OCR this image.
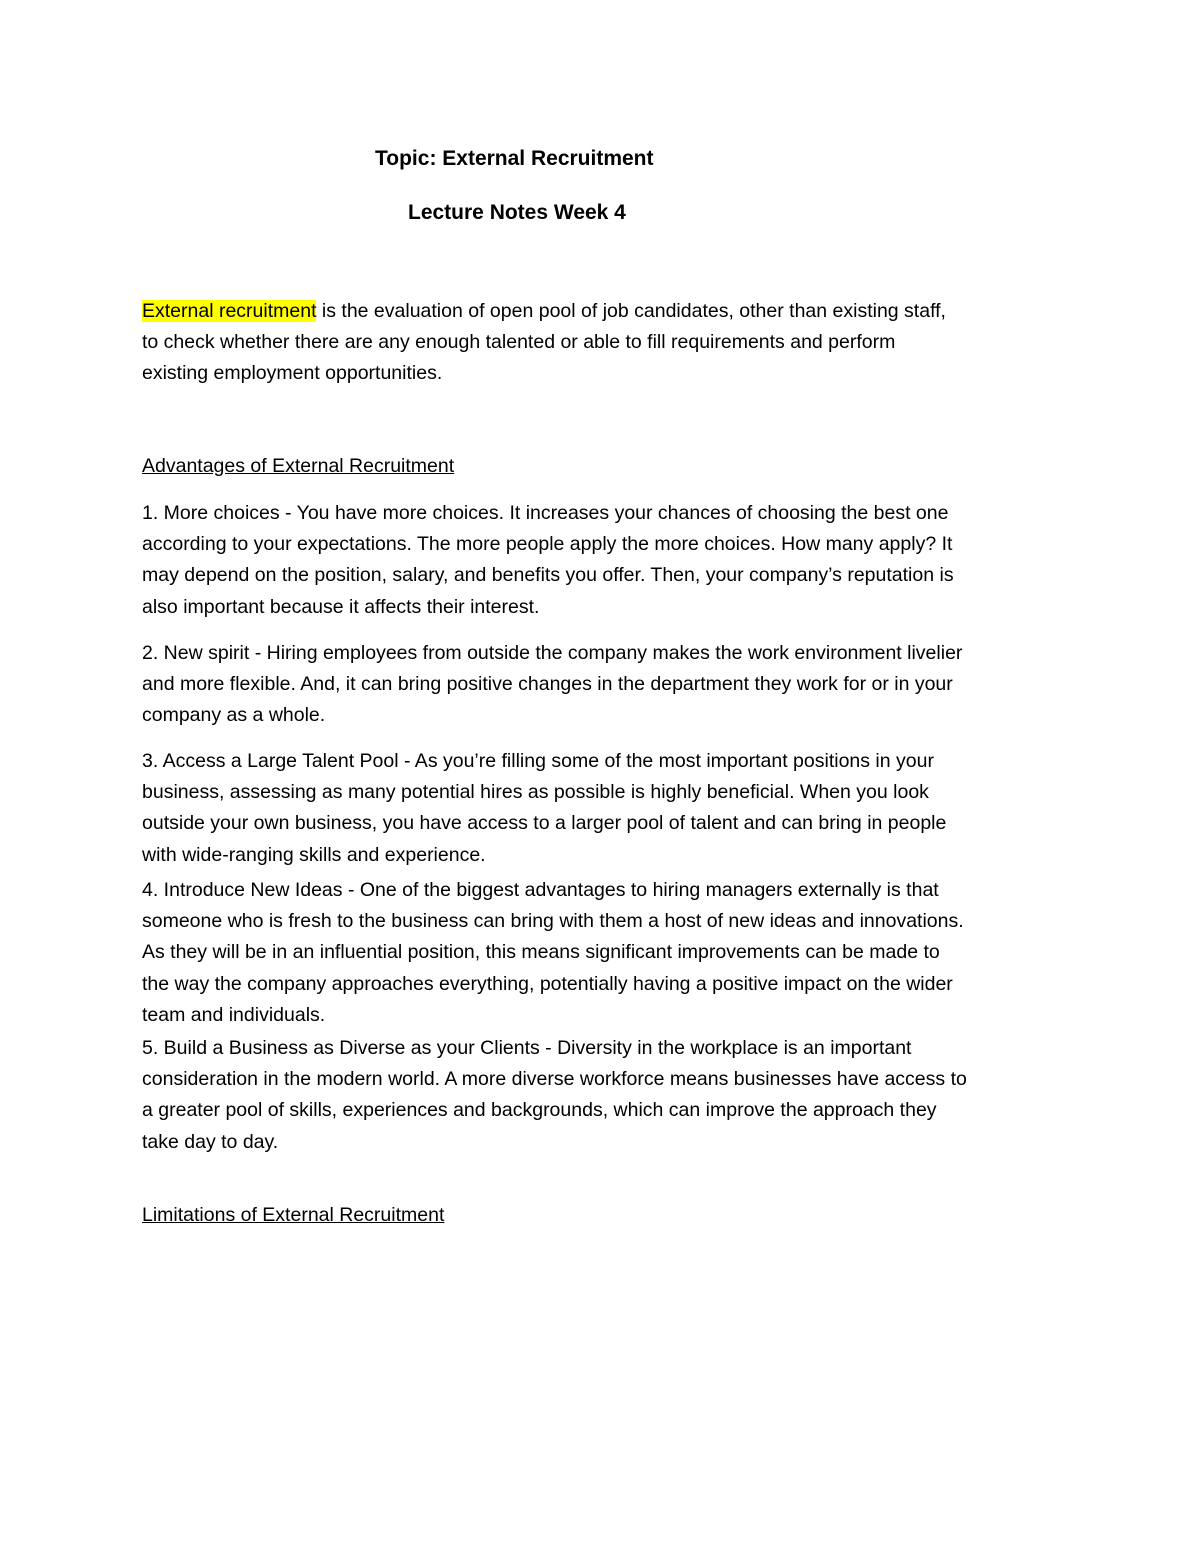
Topic: External Recruitment
Lecture Notes Week 4
External recruitment is the evaluation of open pool of job candidates, other than existing staff,
to check whether there are any enough talented or able to fill requirements and perform
existing employment opportunities.
Advantages of External Recruitment
1. More choices - You have more choices. It increases your chances of choosing the best one
according to your expectations. The more people apply the more choices. How many apply? It
may depend on the position, salary, and benefits you offer. Then, your company’s reputation is
also important because it affects their interest.
2. New spirit - Hiring employees from outside the company makes the work environment livelier
and more flexible. And, it can bring positive changes in the department they work for or in your
company as a whole.
3. Access a Large Talent Pool - As you’re filling some of the most important positions in your
business, assessing as many potential hires as possible is highly beneficial. When you look
outside your own business, you have access to a larger pool of talent and can bring in people
with wide-ranging skills and experience.
4. Introduce New Ideas - One of the biggest advantages to hiring managers externally is that
someone who is fresh to the business can bring with them a host of new ideas and innovations.
As they will be in an influential position, this means significant improvements can be made to
the way the company approaches everything, potentially having a positive impact on the wider
team and individuals.
5. Build a Business as Diverse as your Clients - Diversity in the workplace is an important
consideration in the modern world. A more diverse workforce means businesses have access to
a greater pool of skills, experiences and backgrounds, which can improve the approach they
take day to day.
Limitations of External Recruitment
